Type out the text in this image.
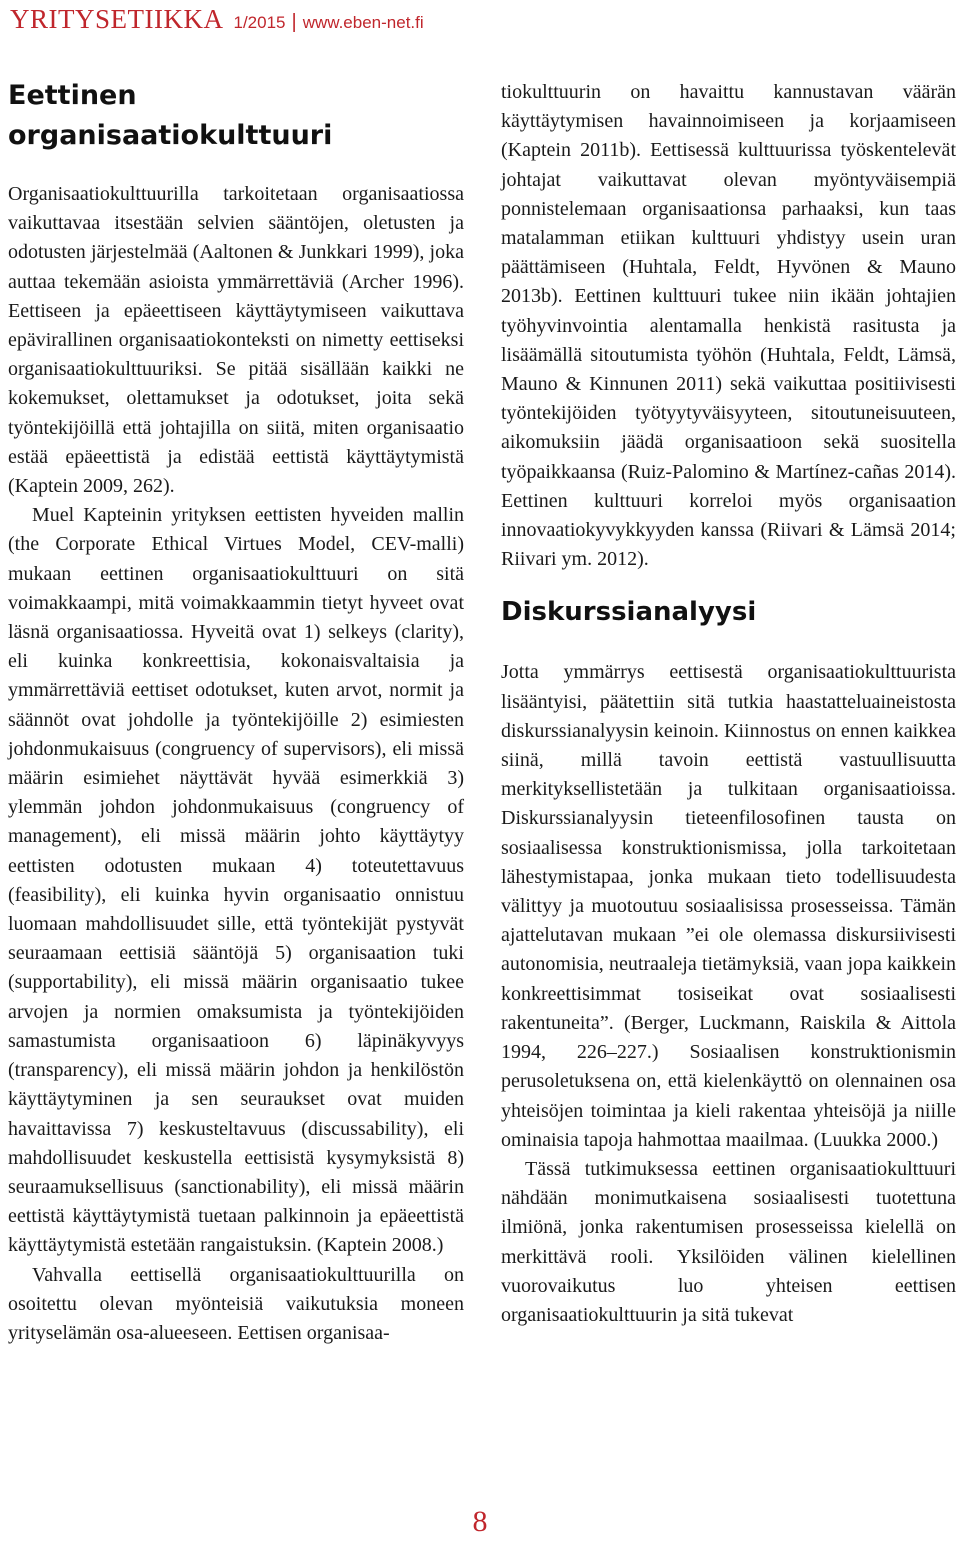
YRITYSETIIKKA 1/2015 | www.eben-net.fi
Eettinen organisaatiokulttuuri

Organisaatiokulttuurilla tarkoitetaan organisaatiossa vaikuttavaa itsestään selvien sääntöjen, oletusten ja odotusten järjestelmää (Aaltonen & Junkkari 1999), joka auttaa tekemään asioista ymmärrettäviä (Archer 1996). Eettiseen ja epäeettiseen käyttäytymiseen vaikuttava epävirallinen organisaatiokonteksti on nimetty eettiseksi organisaatiokulttuuriksi. Se pitää sisällään kaikki ne kokemukset, olettamukset ja odotukset, joita sekä työntekijöillä että johtajilla on siitä, miten organisaatio estää epäeettistä ja edistää eettistä käyttäytymistä (Kaptein 2009, 262).

Muel Kapteinin yrityksen eettisten hyveiden mallin (the Corporate Ethical Virtues Model, CEV-malli) mukaan eettinen organisaatiokulttuuri on sitä voimakkaampi, mitä voimakkaammin tietyt hyveet ovat läsnä organisaatiossa. Hyveitä ovat 1) selkeys (clarity), eli kuinka konkreettisia, kokonaisvaltaisia ja ymmärrettäviä eettiset odotukset, kuten arvot, normit ja säännöt ovat johdolle ja työntekijöille 2) esimiesten johdonmukaisuus (congruency of supervisors), eli missä määrin esimiehet näyttävät hyvää esimerkkiä 3) ylemmän johdon johdonmukaisuus (congruency of management), eli missä määrin johto käyttäytyy eettisten odotusten mukaan 4) toteutettavuus (feasibility), eli kuinka hyvin organisaatio onnistuu luomaan mahdollisuudet sille, että työntekijät pystyvät seuraamaan eettisiä sääntöjä 5) organisaation tuki (supportability), eli missä määrin organisaatio tukee arvojen ja normien omaksumista ja työntekijöiden samastumista organisaatioon 6) läpinäkyvyys (transparency), eli missä määrin johdon ja henkilöstön käyttäytyminen ja sen seuraukset ovat muiden havaittavissa 7) keskusteltavuus (discussability), eli mahdollisuudet keskustella eettisistä kysymyksistä 8) seuraamuksellisuus (sanctionability), eli missä määrin eettistä käyttäytymistä tuetaan palkinnoin ja epäeettistä käyttäytymistä estetään rangaistuksin. (Kaptein 2008.)

Vahvalla eettisellä organisaatiokulttuurilla on osoitettu olevan myönteisiä vaikutuksia moneen yrityselämän osa-alueeseen. Eettisen organisaa-

tiokulttuurin on havaittu kannustavan väärän käyttäytymisen havainnoimiseen ja korjaamiseen (Kaptein 2011b). Eettisessä kulttuurissa työskentelevät johtajat vaikuttavat olevan myöntyväisempiä ponnistelemaan organisaationsa parhaaksi, kun taas matalamman etiikan kulttuuri yhdistyy usein uran päättämiseen (Huhtala, Feldt, Hyvönen & Mauno 2013b). Eettinen kulttuuri tukee niin ikään johtajien työhyvinvointia alentamalla henkistä rasitusta ja lisäämällä sitoutumista työhön (Huhtala, Feldt, Lämsä, Mauno & Kinnunen 2011) sekä vaikuttaa positiivisesti työntekijöiden työtyytyväisyyteen, sitoutuneisuuteen, aikomuksiin jäädä organisaatioon sekä suositella työpaikkaansa (Ruiz-Palomino & Martínez-cañas 2014). Eettinen kulttuuri korreloi myös organisaation innovaatiokyvykkyyden kanssa (Riivari & Lämsä 2014; Riivari ym. 2012).

Diskurssianalyysi

Jotta ymmärrys eettisestä organisaatiokulttuurista lisääntyisi, päätettiin sitä tutkia haastatteluaineistosta diskurssianalyysin keinoin. Kiinnostus on ennen kaikkea siinä, millä tavoin eettistä vastuullisuutta merkityksellistetään ja tulkitaan organisaatioissa. Diskurssianalyysin tieteenfilosofinen tausta on sosiaalisessa konstruktionismissa, jolla tarkoitetaan lähestymistapaa, jonka mukaan tieto todellisuudesta välittyy ja muotoutuu sosiaalisissa prosesseissa. Tämän ajattelutavan mukaan ”ei ole olemassa diskursiivisesti autonomisia, neutraaleja tietämyksiä, vaan jopa kaikkein konkreettisimmat tosiseikat ovat sosiaalisesti rakentuneita”. (Berger, Luckmann, Raiskila & Aittola 1994, 226–227.) Sosiaalisen konstruktionismin perusoletuksena on, että kielenkäyttö on olennainen osa yhteisöjen toimintaa ja kieli rakentaa yhteisöjä ja niille ominaisia tapoja hahmottaa maailmaa. (Luukka 2000.)

Tässä tutkimuksessa eettinen organisaatiokulttuuri nähdään monimutkaisena sosiaalisesti tuotettuna ilmiönä, jonka rakentumisen prosesseissa kielellä on merkittävä rooli. Yksilöiden välinen kielellinen vuorovaikutus luo yhteisen eettisen organisaatiokulttuurin ja sitä tukevat

8
